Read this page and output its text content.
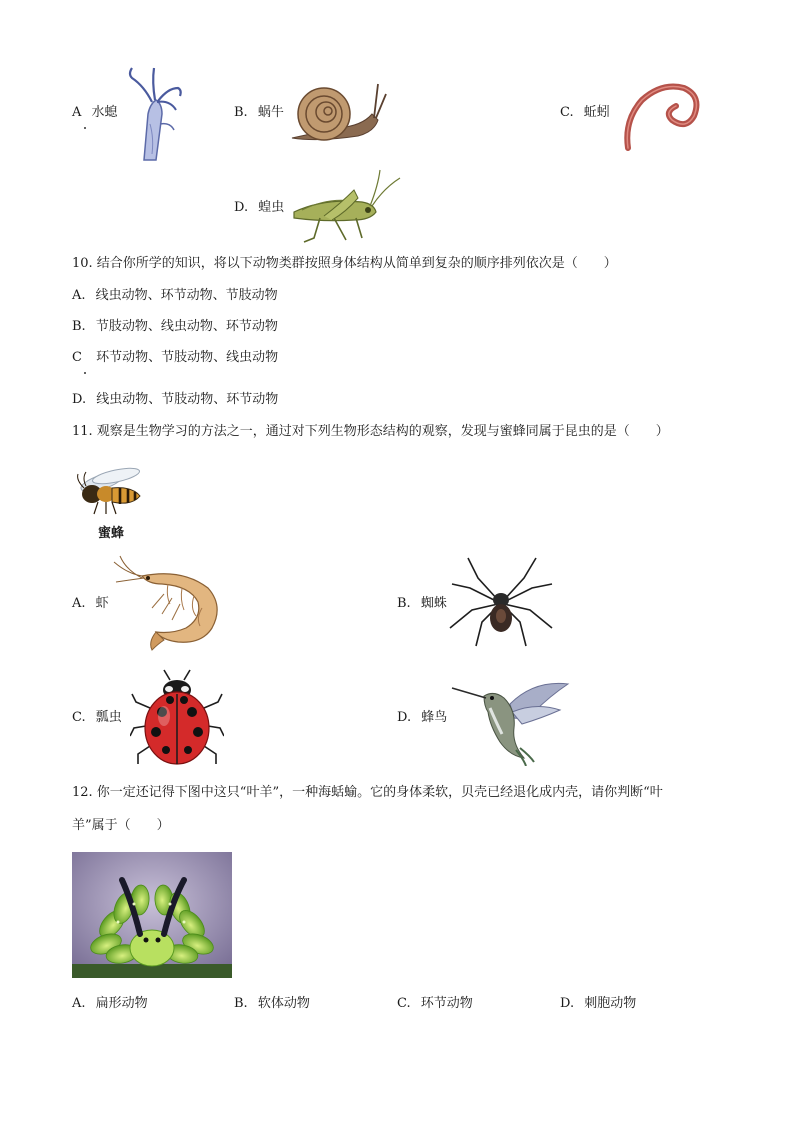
A 水螅	B. 蜗牛	C. 蚯蚓
D. 蝗虫
10. 结合你所学的知识，将以下动物类群按照身体结构从简单到复杂的顺序排列依次是（　　）
A. 线虫动物、环节动物、节肢动物
B. 节肢动物、线虫动物、环节动物
C 环节动物、节肢动物、线虫动物
D. 线虫动物、节肢动物、环节动物
11. 观察是生物学习的方法之一，通过对下列生物形态结构的观察，发现与蜜蜂同属于昆虫的是（　　）
蜜蜂
A. 虾	B. 蜘蛛
C. 瓢虫	D. 蜂鸟
12. 你一定还记得下图中这只“叶羊”，一种海蛞蝓。它的身体柔软，贝壳已经退化成内壳，请你判断“叶
羊”属于（　　）
A. 扁形动物	B. 软体动物	C. 环节动物	D. 刺胞动物
